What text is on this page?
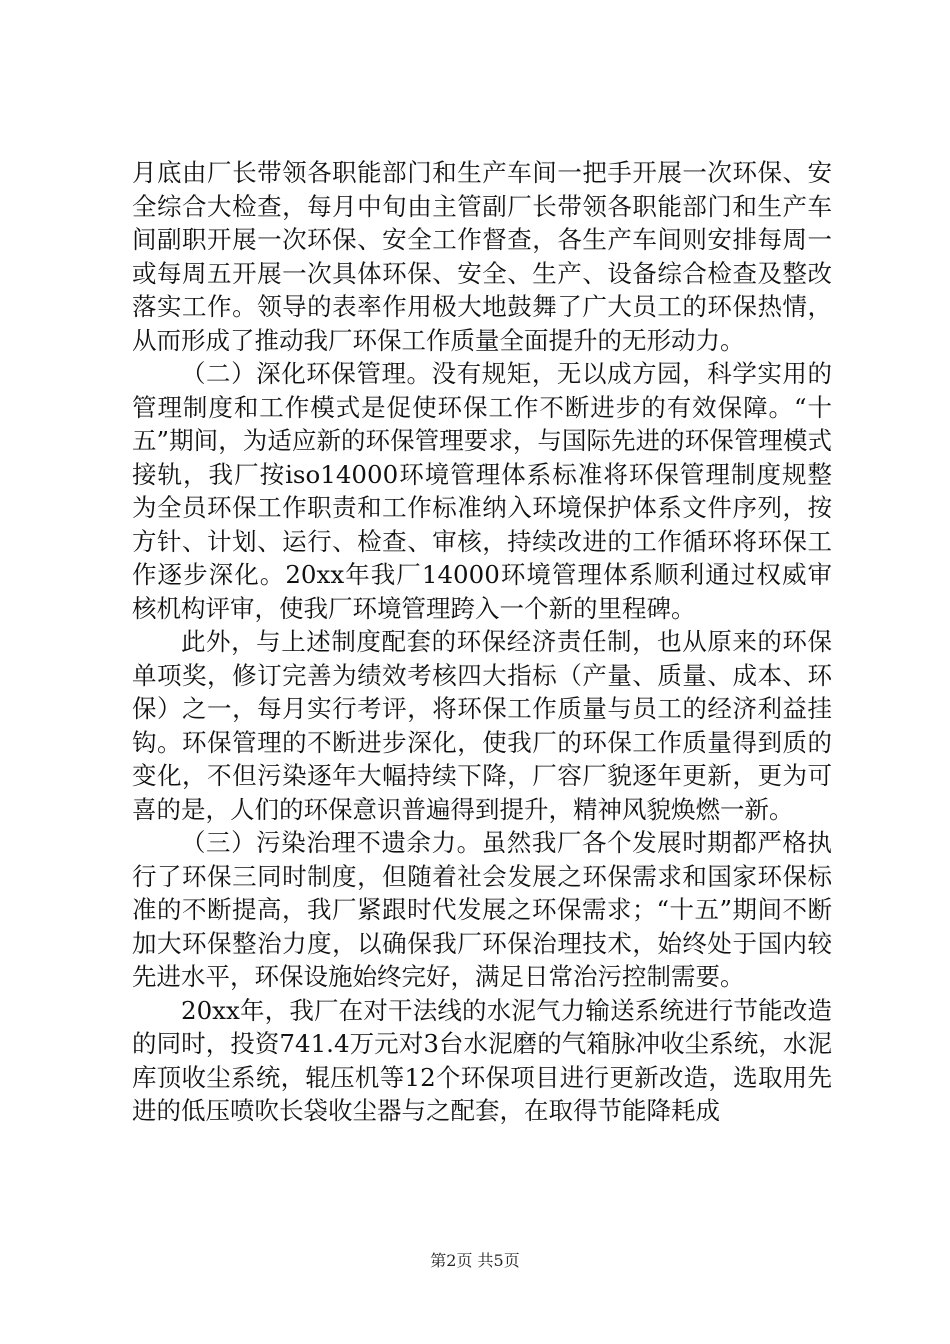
月底由厂长带领各职能部门和生产车间一把手开展一次环保、安全综合大检查，每月中旬由主管副厂长带领各职能部门和生产车间副职开展一次环保、安全工作督查，各生产车间则安排每周一或每周五开展一次具体环保、安全、生产、设备综合检查及整改落实工作。领导的表率作用极大地鼓舞了广大员工的环保热情，从而形成了推动我厂环保工作质量全面提升的无形动力。

（二）深化环保管理。没有规矩，无以成方园，科学实用的管理制度和工作模式是促使环保工作不断进步的有效保障。“十五”期间，为适应新的环保管理要求，与国际先进的环保管理模式接轨，我厂按iso14000环境管理体系标准将环保管理制度规整为全员环保工作职责和工作标准纳入环境保护体系文件序列，按方针、计划、运行、检查、审核，持续改进的工作循环将环保工作逐步深化。20xx年我厂14000环境管理体系顺利通过权威审核机构评审，使我厂环境管理跨入一个新的里程碑。

此外，与上述制度配套的环保经济责任制，也从原来的环保单项奖，修订完善为绩效考核四大指标（产量、质量、成本、环保）之一，每月实行考评，将环保工作质量与员工的经济利益挂钩。环保管理的不断进步深化，使我厂的环保工作质量得到质的变化，不但污染逐年大幅持续下降，厂容厂貌逐年更新，更为可喜的是，人们的环保意识普遍得到提升，精神风貌焕燃一新。

（三）污染治理不遗余力。虽然我厂各个发展时期都严格执行了环保三同时制度，但随着社会发展之环保需求和国家环保标准的不断提高，我厂紧跟时代发展之环保需求；“十五”期间不断加大环保整治力度，以确保我厂环保治理技术，始终处于国内较先进水平，环保设施始终完好，满足日常治污控制需要。

20xx年，我厂在对干法线的水泥气力输送系统进行节能改造的同时，投资741.4万元对3台水泥磨的气箱脉冲收尘系统，水泥库顶收尘系统，辊压机等12个环保项目进行更新改造，选取用先进的低压喷吹长袋收尘器与之配套，在取得节能降耗成

第2页 共5页
